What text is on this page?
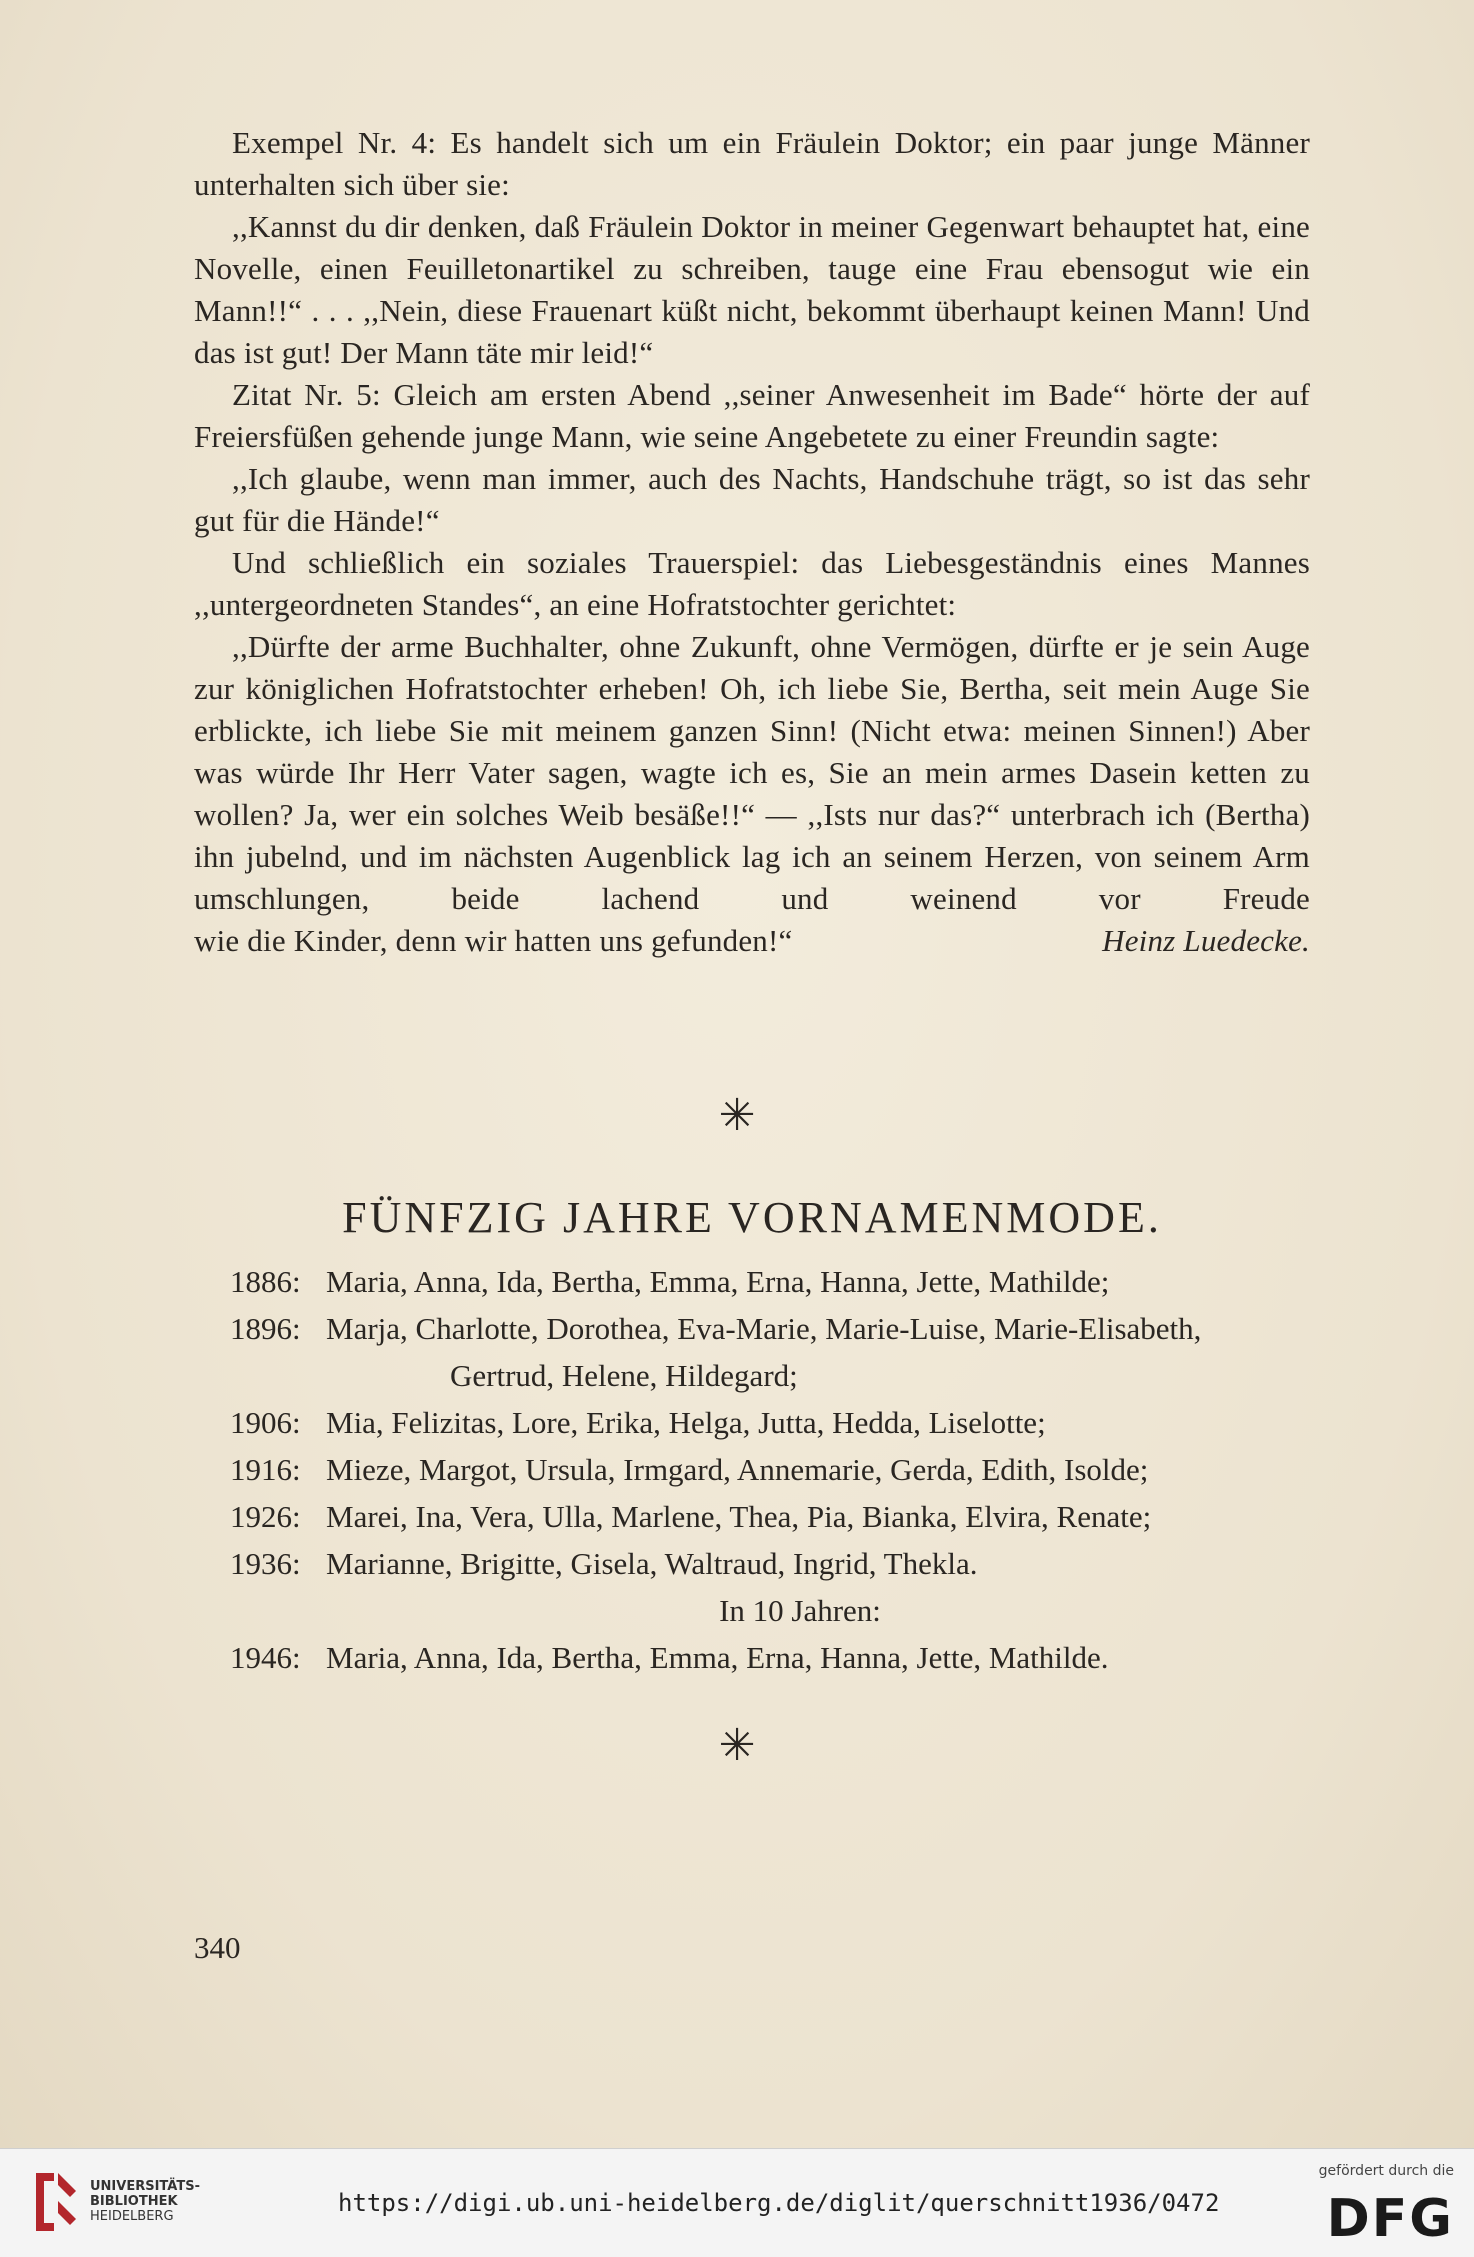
Exempel Nr. 4: Es handelt sich um ein Fräulein Doktor; ein paar junge Männer unterhalten sich über sie:

,,Kannst du dir denken, daß Fräulein Doktor in meiner Gegenwart behauptet hat, eine Novelle, einen Feuilletonartikel zu schreiben, tauge eine Frau ebensogut wie ein Mann!!“ . . . ,,Nein, diese Frauenart küßt nicht, bekommt überhaupt keinen Mann! Und das ist gut! Der Mann täte mir leid!“

Zitat Nr. 5: Gleich am ersten Abend ,,seiner Anwesenheit im Bade“ hörte der auf Freiersfüßen gehende junge Mann, wie seine Angebetete zu einer Freundin sagte:

,,Ich glaube, wenn man immer, auch des Nachts, Handschuhe trägt, so ist das sehr gut für die Hände!“

Und schließlich ein soziales Trauerspiel: das Liebesgeständnis eines Mannes ,,untergeordneten Standes“, an eine Hofratstochter gerichtet:

,,Dürfte der arme Buchhalter, ohne Zukunft, ohne Vermögen, dürfte er je sein Auge zur königlichen Hofratstochter erheben! Oh, ich liebe Sie, Bertha, seit mein Auge Sie erblickte, ich liebe Sie mit meinem ganzen Sinn! (Nicht etwa: meinen Sinnen!) Aber was würde Ihr Herr Vater sagen, wagte ich es, Sie an mein armes Dasein ketten zu wollen? Ja, wer ein solches Weib besäße!!“ — ,,Ists nur das?“ unterbrach ich (Bertha) ihn jubelnd, und im nächsten Augenblick lag ich an seinem Herzen, von seinem Arm umschlungen, beide lachend und weinend vor Freude

wie die Kinder, denn wir hatten uns gefunden!“	Heinz Luedecke.
✳
FÜNFZIG JAHRE VORNAMENMODE.
1886: Maria, Anna, Ida, Bertha, Emma, Erna, Hanna, Jette, Mathilde;
1896: Marja, Charlotte, Dorothea, Eva-Marie, Marie-Luise, Marie-Elisabeth,
Gertrud, Helene, Hildegard;
1906: Mia, Felizitas, Lore, Erika, Helga, Jutta, Hedda, Liselotte;
1916: Mieze, Margot, Ursula, Irmgard, Annemarie, Gerda, Edith, Isolde;
1926: Marei, Ina, Vera, Ulla, Marlene, Thea, Pia, Bianka, Elvira, Renate;
1936: Marianne, Brigitte, Gisela, Waltraud, Ingrid, Thekla.
In 10 Jahren:
1946: Maria, Anna, Ida, Bertha, Emma, Erna, Hanna, Jette, Mathilde.
✳
340
UNIVERSITÄTS-
BIBLIOTHEK
HEIDELBERG	https://digi.ub.uni-heidelberg.de/diglit/querschnitt1936/0472
gefördert durch die
DFG
